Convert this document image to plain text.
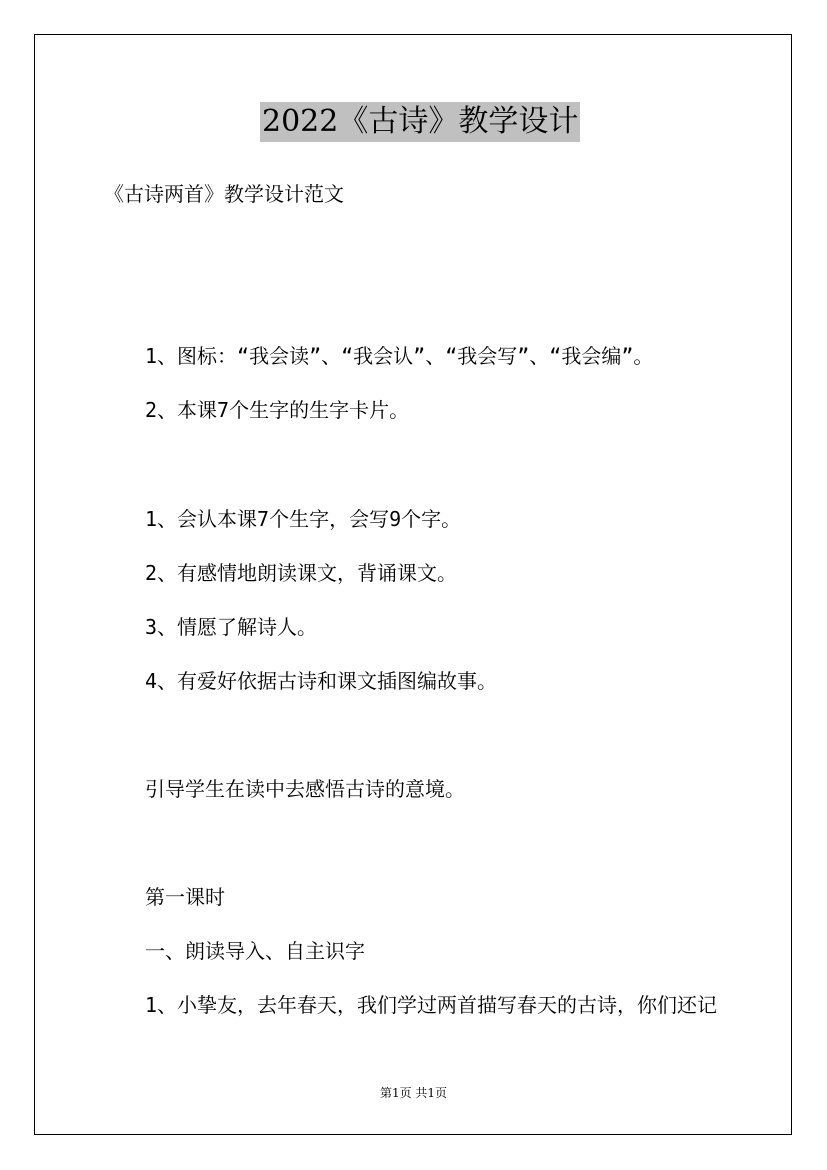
2022《古诗》教学设计
《古诗两首》教学设计范文
1、图标：“我会读”、“我会认”、“我会写”、“我会编”。
2、本课7个生字的生字卡片。
1、会认本课7个生字，会写9个字。
2、有感情地朗读课文，背诵课文。
3、情愿了解诗人。
4、有爱好依据古诗和课文插图编故事。
引导学生在读中去感悟古诗的意境。
第一课时
一、朗读导入、自主识字
1、小挚友，去年春天，我们学过两首描写春天的古诗，你们还记
第1页 共1页
